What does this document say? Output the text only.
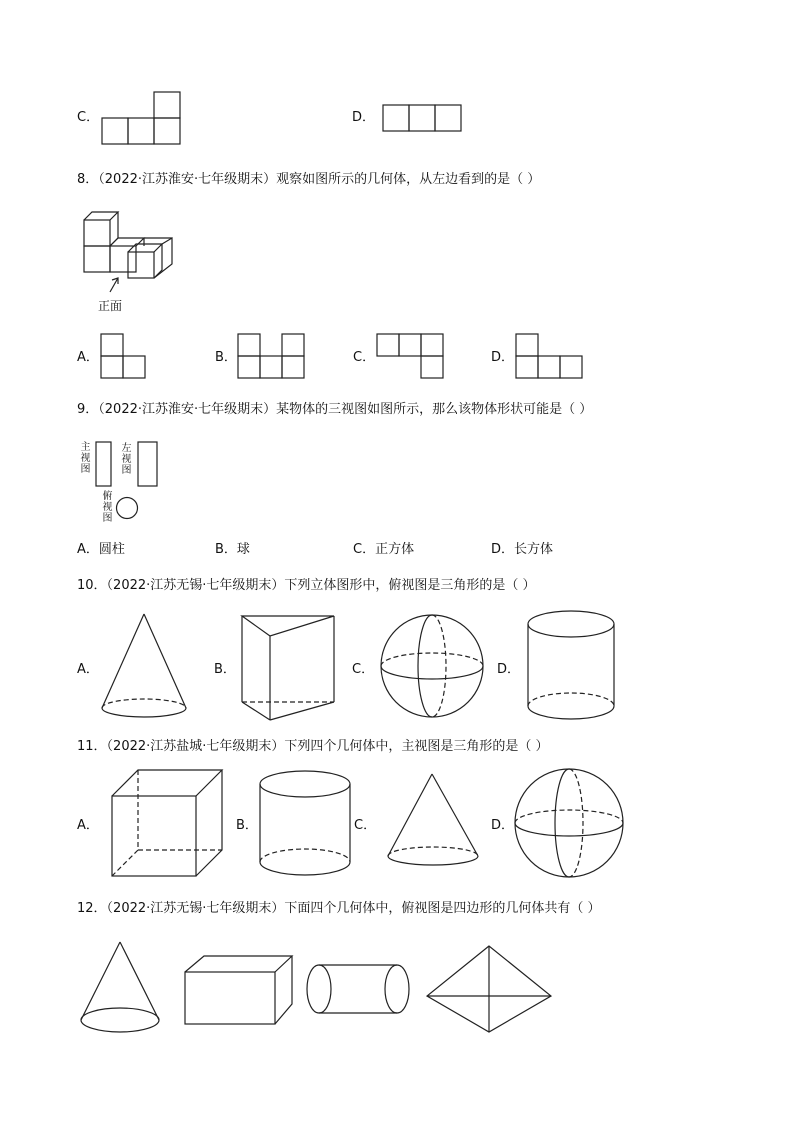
C．	D．
8．（2022·江苏淮安·七年级期末）观察如图所示的几何体，从左边看到的是（ ）
正面
A．	B．	C．	D．
9．（2022·江苏淮安·七年级期末）某物体的三视图如图所示，那么该物体形状可能是（ ）
主视图
左视图
俯视图
A．圆柱	B．球	C．正方体	D．长方体
10．（2022·江苏无锡·七年级期末）下列立体图形中，俯视图是三角形的是（ ）
A．	B．	C．	D．
11．（2022·江苏盐城·七年级期末）下列四个几何体中，主视图是三角形的是（ ）
A．	B．	C．	D．
12．（2022·江苏无锡·七年级期末）下面四个几何体中，俯视图是四边形的几何体共有（ ）
